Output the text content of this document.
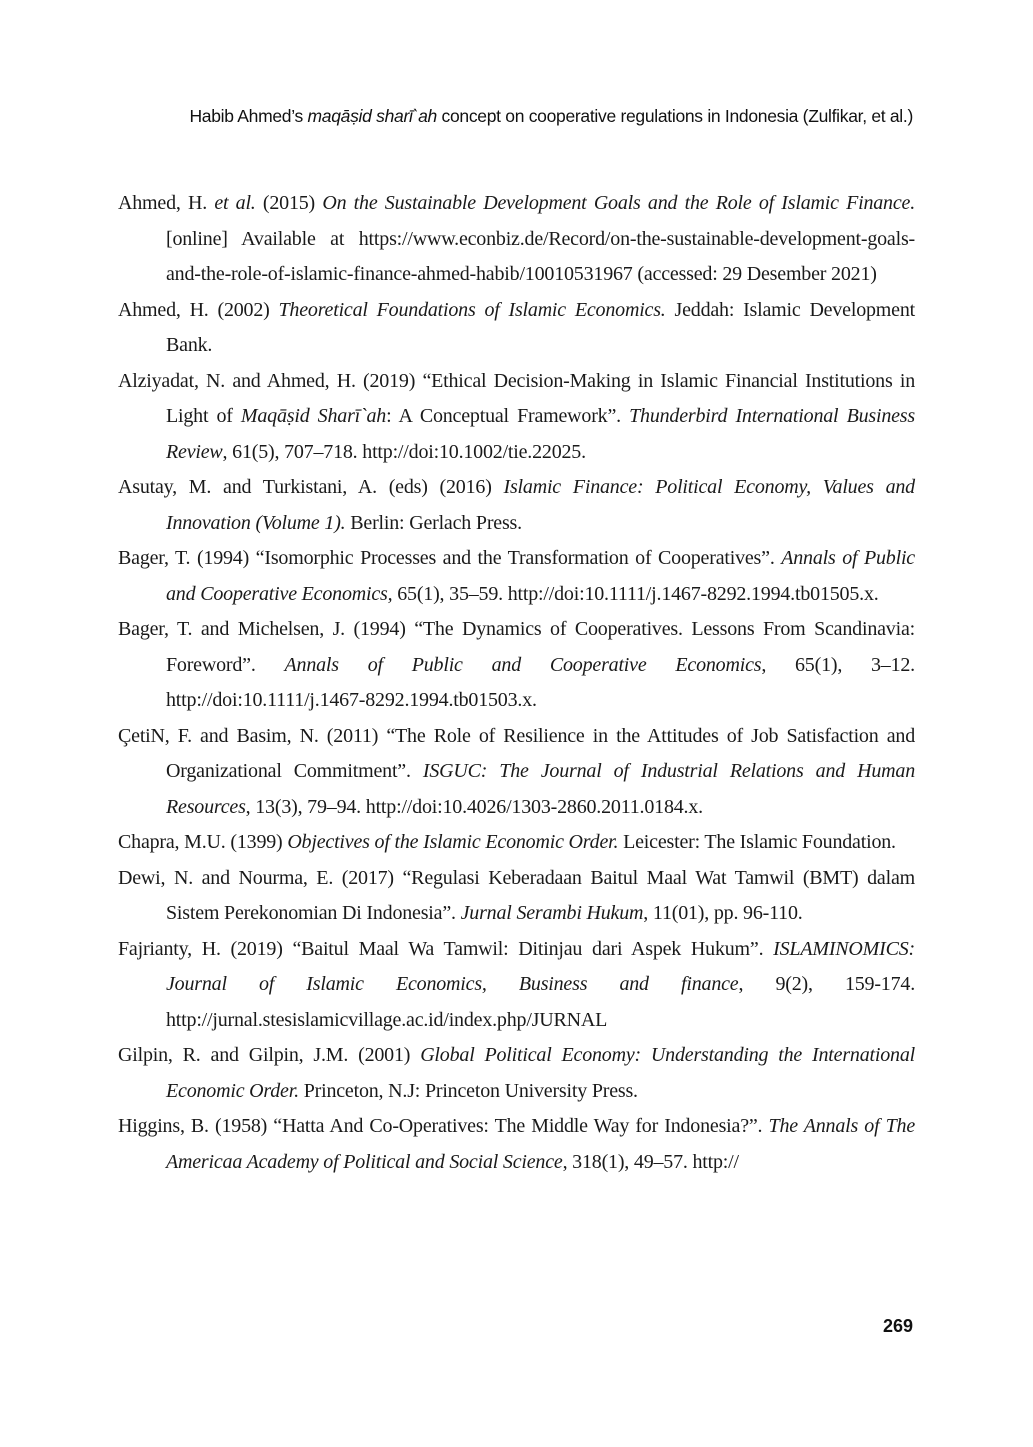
Habib Ahmed’s maqāṣid sharī`ah concept on cooperative regulations in Indonesia (Zulfikar, et al.)
Ahmed, H. et al. (2015) On the Sustainable Development Goals and the Role of Islamic Finance. [online] Available at https://www.econbiz.de/Record/on-the-sustainable-development-goals-and-the-role-of-islamic-finance-ahmed-habib/10010531967 (accessed: 29 Desember 2021)
Ahmed, H. (2002) Theoretical Foundations of Islamic Economics. Jeddah: Islamic Development Bank.
Alziyadat, N. and Ahmed, H. (2019) “Ethical Decision-Making in Islamic Financial Institutions in Light of Maqāṣid Sharī`ah: A Conceptual Framework”. Thunderbird International Business Review, 61(5), 707–718. http://doi:10.1002/tie.22025.
Asutay, M. and Turkistani, A. (eds) (2016) Islamic Finance: Political Economy, Values and Innovation (Volume 1). Berlin: Gerlach Press.
Bager, T. (1994) “Isomorphic Processes and the Transformation of Cooperatives”. Annals of Public and Cooperative Economics, 65(1), 35–59. http://doi:10.1111/j.1467-8292.1994.tb01505.x.
Bager, T. and Michelsen, J. (1994) “The Dynamics of Cooperatives. Lessons From Scandinavia: Foreword”. Annals of Public and Cooperative Economics, 65(1), 3–12. http://doi:10.1111/j.1467-8292.1994.tb01503.x.
ÇetiN, F. and Basim, N. (2011) “The Role of Resilience in the Attitudes of Job Satisfaction and Organizational Commitment”. ISGUC: The Journal of Industrial Relations and Human Resources, 13(3), 79–94. http://doi:10.4026/1303-2860.2011.0184.x.
Chapra, M.U. (1399) Objectives of the Islamic Economic Order. Leicester: The Islamic Foundation.
Dewi, N. and Nourma, E. (2017) “Regulasi Keberadaan Baitul Maal Wat Tamwil (BMT) dalam Sistem Perekonomian Di Indonesia”. Jurnal Serambi Hukum, 11(01), pp. 96-110.
Fajrianty, H. (2019) “Baitul Maal Wa Tamwil: Ditinjau dari Aspek Hukum”. ISLAMINOMICS: Journal of Islamic Economics, Business and finance, 9(2), 159-174. http://jurnal.stesislamicvillage.ac.id/index.php/JURNAL
Gilpin, R. and Gilpin, J.M. (2001) Global Political Economy: Understanding the International Economic Order. Princeton, N.J: Princeton University Press.
Higgins, B. (1958) “Hatta And Co-Operatives: The Middle Way for Indonesia?”. The Annals of The Americaa Academy of Political and Social Science, 318(1), 49–57. http://
269
